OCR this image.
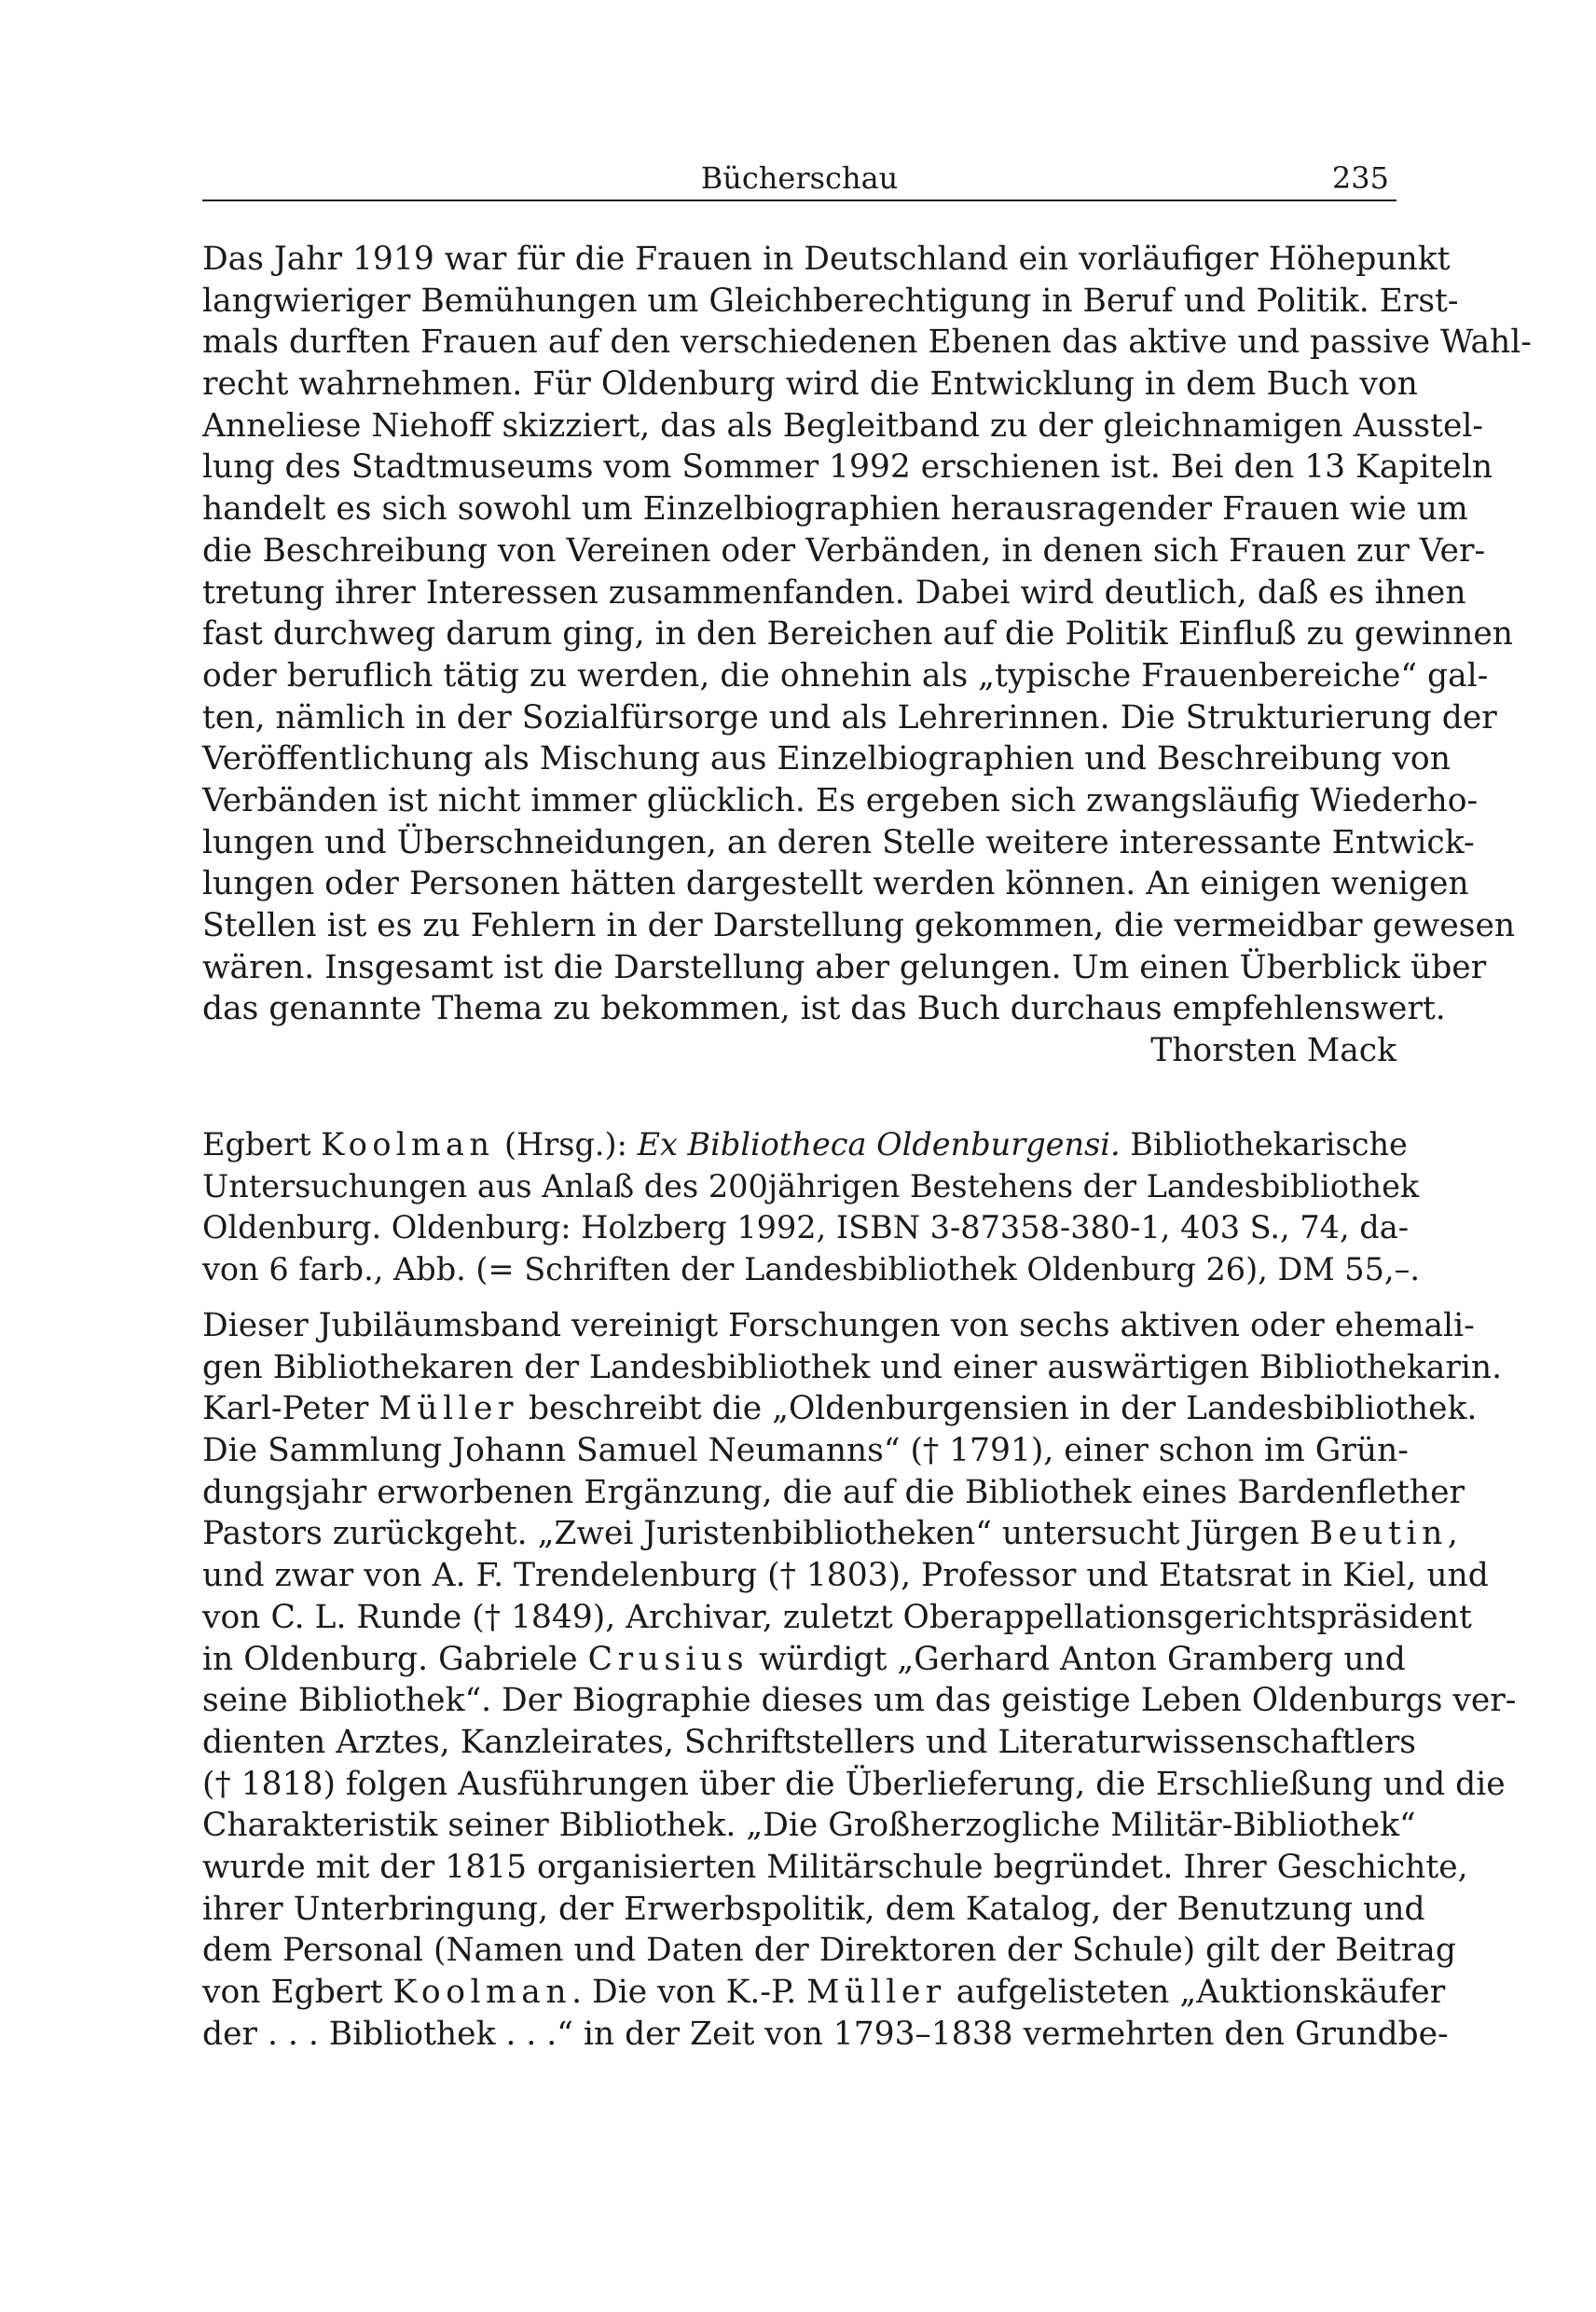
Bücherschau	235
Das Jahr 1919 war für die Frauen in Deutschland ein vorläufiger Höhepunkt
langwieriger Bemühungen um Gleichberechtigung in Beruf und Politik. Erst-
mals durften Frauen auf den verschiedenen Ebenen das aktive und passive Wahl-
recht wahrnehmen. Für Oldenburg wird die Entwicklung in dem Buch von
Anneliese Niehoff skizziert, das als Begleitband zu der gleichnamigen Ausstel-
lung des Stadtmuseums vom Sommer 1992 erschienen ist. Bei den 13 Kapiteln
handelt es sich sowohl um Einzelbiographien herausragender Frauen wie um
die Beschreibung von Vereinen oder Verbänden, in denen sich Frauen zur Ver-
tretung ihrer Interessen zusammenfanden. Dabei wird deutlich, daß es ihnen
fast durchweg darum ging, in den Bereichen auf die Politik Einfluß zu gewinnen
oder beruflich tätig zu werden, die ohnehin als „typische Frauenbereiche“ gal-
ten, nämlich in der Sozialfürsorge und als Lehrerinnen. Die Strukturierung der
Veröffentlichung als Mischung aus Einzelbiographien und Beschreibung von
Verbänden ist nicht immer glücklich. Es ergeben sich zwangsläufig Wiederho-
lungen und Überschneidungen, an deren Stelle weitere interessante Entwick-
lungen oder Personen hätten dargestellt werden können. An einigen wenigen
Stellen ist es zu Fehlern in der Darstellung gekommen, die vermeidbar gewesen
wären. Insgesamt ist die Darstellung aber gelungen. Um einen Überblick über
das genannte Thema zu bekommen, ist das Buch durchaus empfehlenswert.
Thorsten Mack
Egbert Koolman (Hrsg.): Ex Bibliotheca Oldenburgensi. Bibliothekarische
Untersuchungen aus Anlaß des 200jährigen Bestehens der Landesbibliothek
Oldenburg. Oldenburg: Holzberg 1992, ISBN 3-87358-380-1, 403 S., 74, da-
von 6 farb., Abb. (= Schriften der Landesbibliothek Oldenburg 26), DM 55,–.
Dieser Jubiläumsband vereinigt Forschungen von sechs aktiven oder ehemali-
gen Bibliothekaren der Landesbibliothek und einer auswärtigen Bibliothekarin.
Karl-Peter Müller beschreibt die „Oldenburgensien in der Landesbibliothek.
Die Sammlung Johann Samuel Neumanns“ († 1791), einer schon im Grün-
dungsjahr erworbenen Ergänzung, die auf die Bibliothek eines Bardenflether
Pastors zurückgeht. „Zwei Juristenbibliotheken“ untersucht Jürgen Beutin,
und zwar von A. F. Trendelenburg († 1803), Professor und Etatsrat in Kiel, und
von C. L. Runde († 1849), Archivar, zuletzt Oberappellationsgerichtspräsident
in Oldenburg. Gabriele Crusius würdigt „Gerhard Anton Gramberg und
seine Bibliothek“. Der Biographie dieses um das geistige Leben Oldenburgs ver-
dienten Arztes, Kanzleirates, Schriftstellers und Literaturwissenschaftlers
(† 1818) folgen Ausführungen über die Überlieferung, die Erschließung und die
Charakteristik seiner Bibliothek. „Die Großherzogliche Militär-Bibliothek“
wurde mit der 1815 organisierten Militärschule begründet. Ihrer Geschichte,
ihrer Unterbringung, der Erwerbspolitik, dem Katalog, der Benutzung und
dem Personal (Namen und Daten der Direktoren der Schule) gilt der Beitrag
von Egbert Koolman. Die von K.-P. Müller aufgelisteten „Auktionskäufer
der . . . Bibliothek . . .“ in der Zeit von 1793–1838 vermehrten den Grundbe-
